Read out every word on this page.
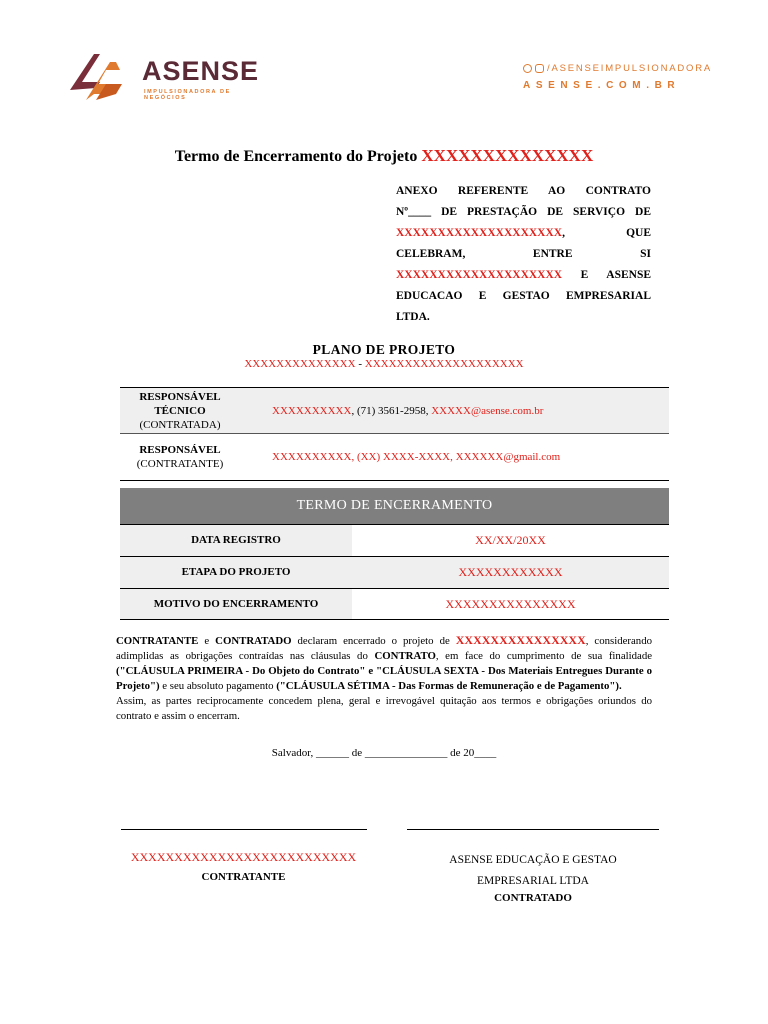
ASENSE
IMPULSIONADORA DE NEGÓCIOS
/ASENSEIMPULSIONADORA
ASENSE.COM.BR
Termo de Encerramento do Projeto XXXXXXXXXXXXXX
ANEXO REFERENTE AO CONTRATO
Nº____ DE PRESTAÇÃO DE SERVIÇO DE
XXXXXXXXXXXXXXXXXXXX, QUE
CELEBRAM, ENTRE SI
XXXXXXXXXXXXXXXXXXXX E ASENSE
EDUCACAO E GESTAO EMPRESARIAL
LTDA.
PLANO DE PROJETO
XXXXXXXXXXXXXX - XXXXXXXXXXXXXXXXXXXX
RESPONSÁVEL TÉCNICO
(CONTRATADA)
XXXXXXXXXX, (71) 3561-2958, XXXXX@asense.com.br
RESPONSÁVEL
(CONTRATANTE)
XXXXXXXXXX, (XX) XXXX-XXXX, XXXXXX@gmail.com
TERMO DE ENCERRAMENTO
DATA REGISTRO	XX/XX/20XX
ETAPA DO PROJETO	XXXXXXXXXXXX
MOTIVO DO ENCERRAMENTO	XXXXXXXXXXXXXXX
CONTRATANTE e CONTRATADO declaram encerrado o projeto de XXXXXXXXXXXXXXX, considerando adimplidas as obrigações contraídas nas cláusulas do CONTRATO, em face do cumprimento de sua finalidade ("CLÁUSULA PRIMEIRA - Do Objeto do Contrato" e "CLÁUSULA SEXTA - Dos Materiais Entregues Durante o Projeto") e seu absoluto pagamento ("CLÁUSULA SÉTIMA - Das Formas de Remuneração e de Pagamento").
Assim, as partes reciprocamente concedem plena, geral e irrevogável quitação aos termos e obrigações oriundos do contrato e assim o encerram.
Salvador, ______ de _______________ de 20____
XXXXXXXXXXXXXXXXXXXXXXXXXX
CONTRATANTE
ASENSE EDUCAÇÃO E GESTAO
EMPRESARIAL LTDA
CONTRATADO
